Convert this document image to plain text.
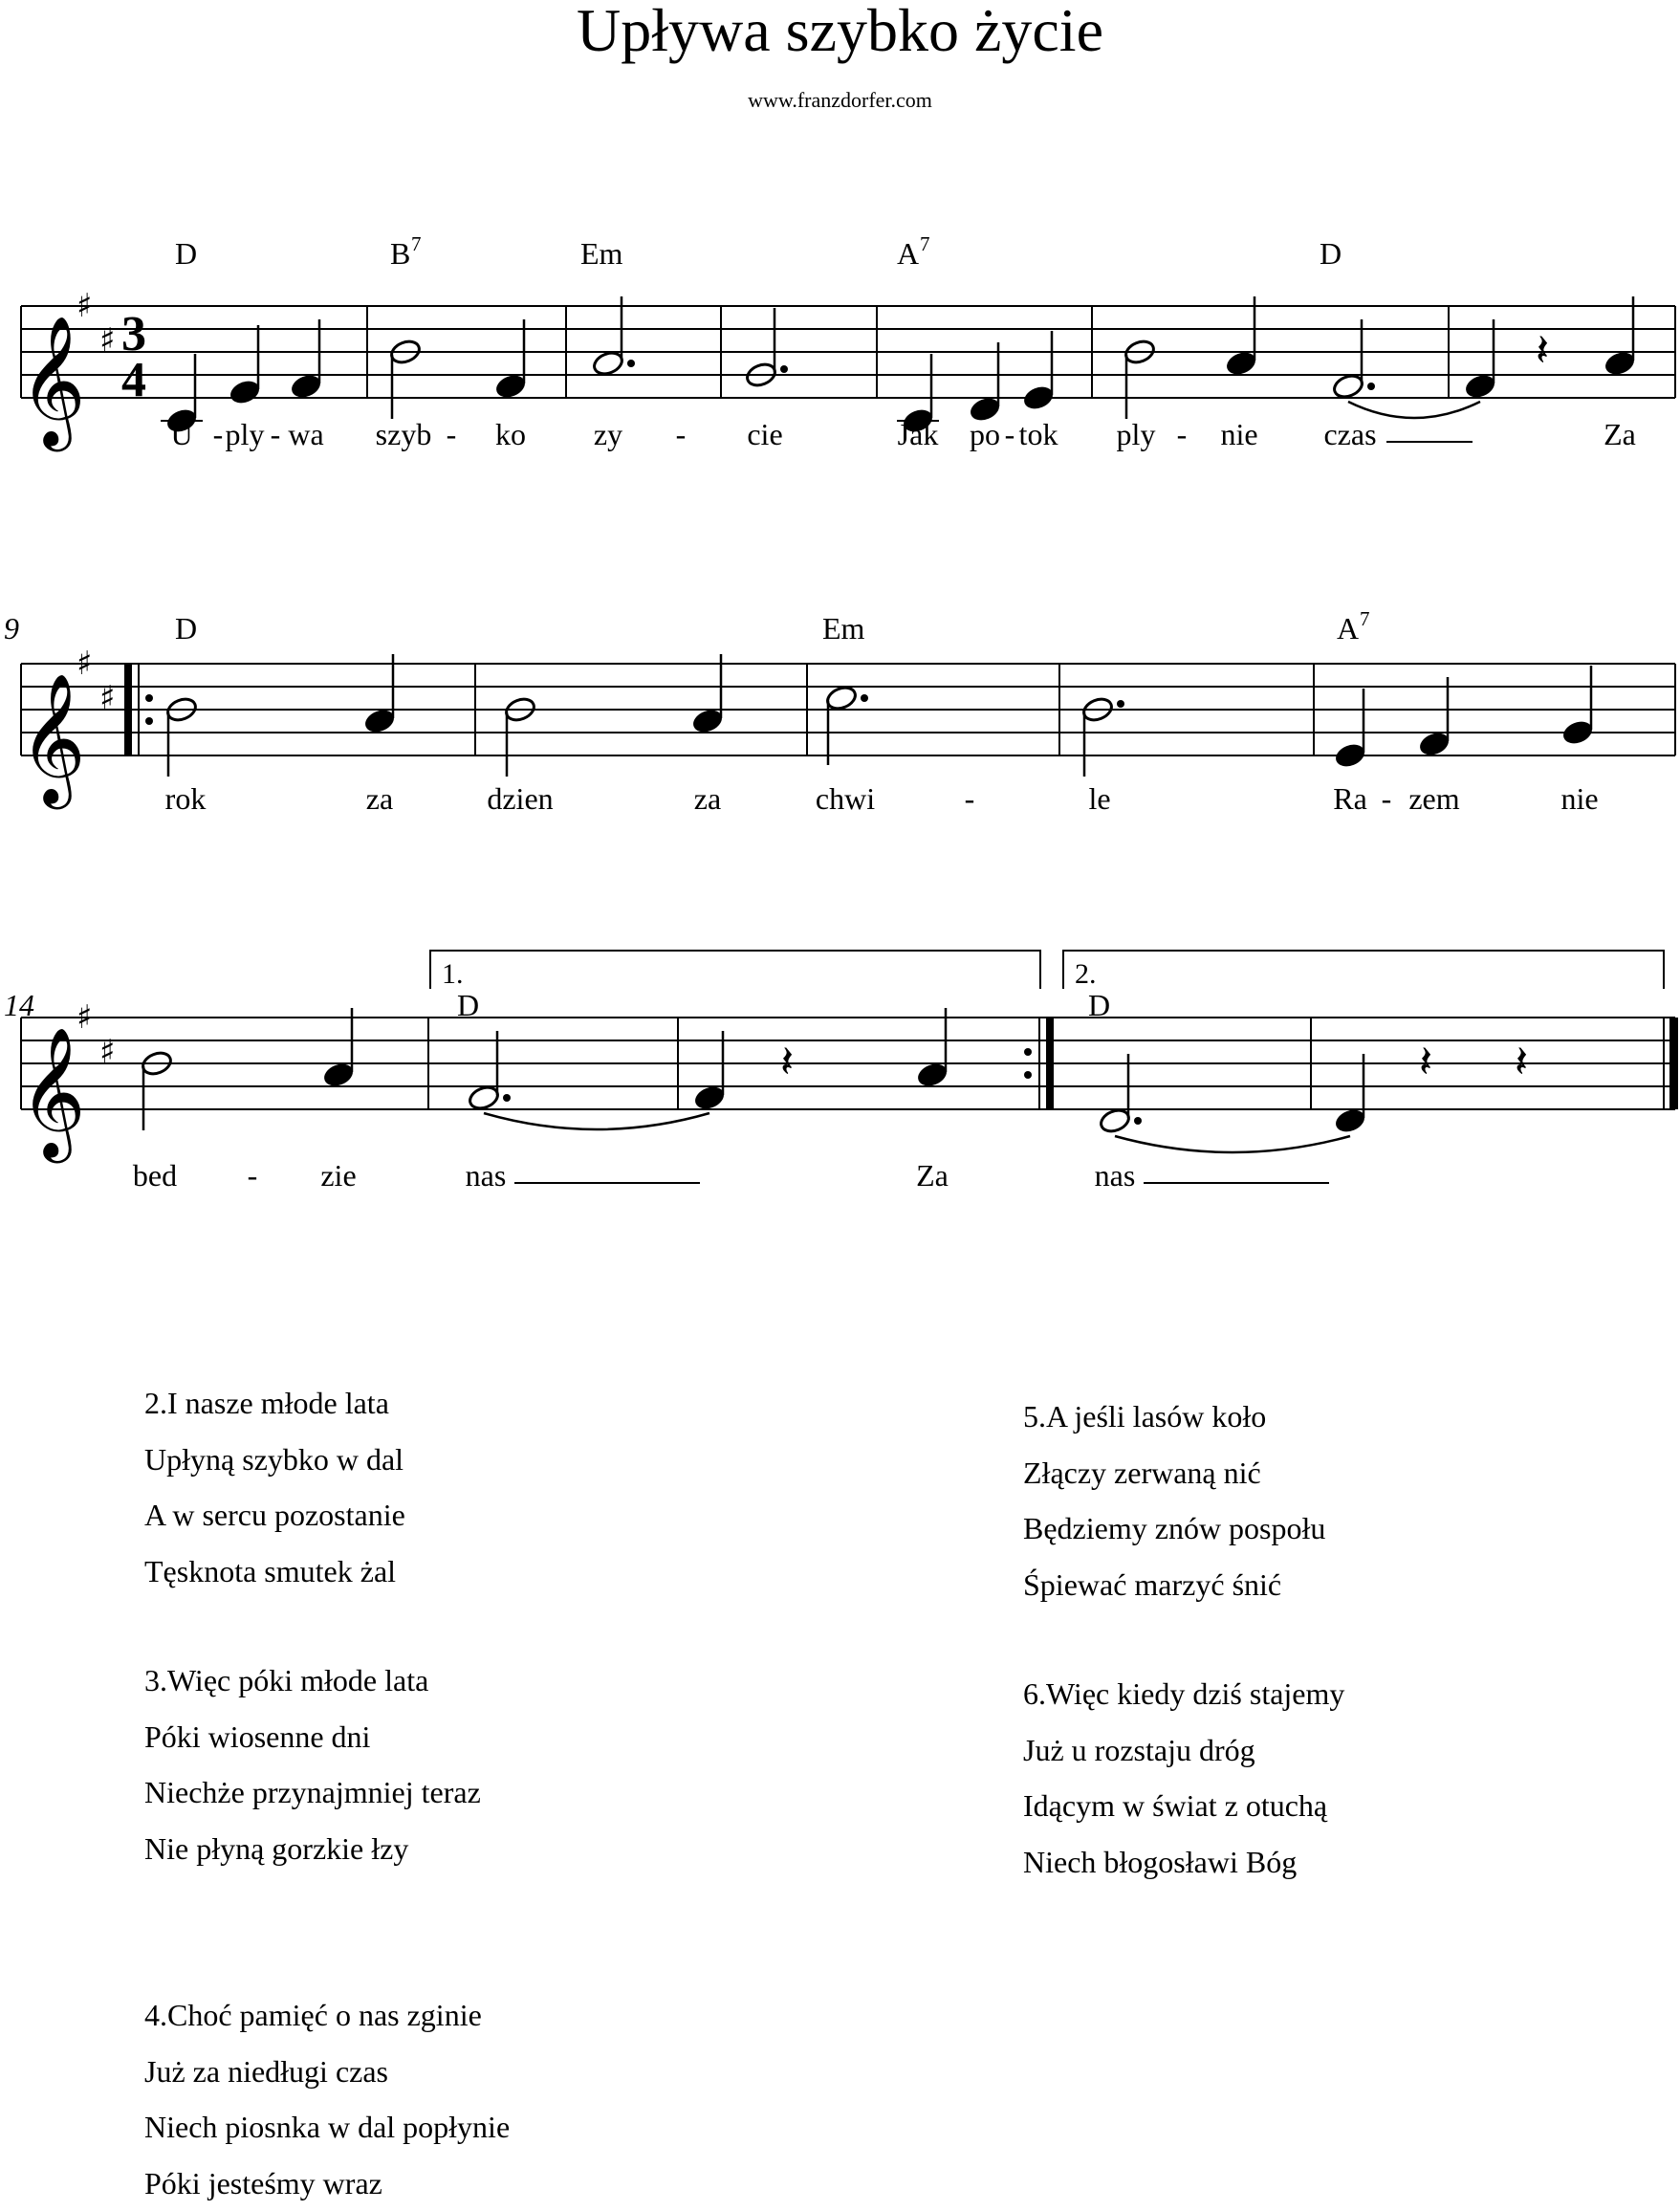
Upływa szybko życie
www.franzdorfer.com
𝄞
𝄞
𝄞
♯
♯
♯
♯
♯
♯
3
4
9
14
D	B 7	Em	A 7	D
D	Em	A 7
D	D
1.	2.
𝄽
𝄽	𝄽 𝄽
U - ply - wa szyb - ko zy - cie	Jak po - tok ply - nie czas	Za
rok	za	dzien	za	chwi	-	le	Ra - zem	nie
bed - zie	nas	Za	nas
2.I nasze młode lata
Upłyną szybko w dal
A w sercu pozostanie
Tęsknota smutek żal
3.Więc póki młode lata
Póki wiosenne dni
Niechże przynajmniej teraz
Nie płyną gorzkie łzy
4.Choć pamięć o nas zginie
Już za niedługi czas
Niech piosnka w dal popłynie
Póki jesteśmy wraz
5.A jeśli lasów koło
Złączy zerwaną nić
Będziemy znów pospołu
Śpiewać marzyć śnić
6.Więc kiedy dziś stajemy
Już u rozstaju dróg
Idącym w świat z otuchą
Niech błogosławi Bóg
